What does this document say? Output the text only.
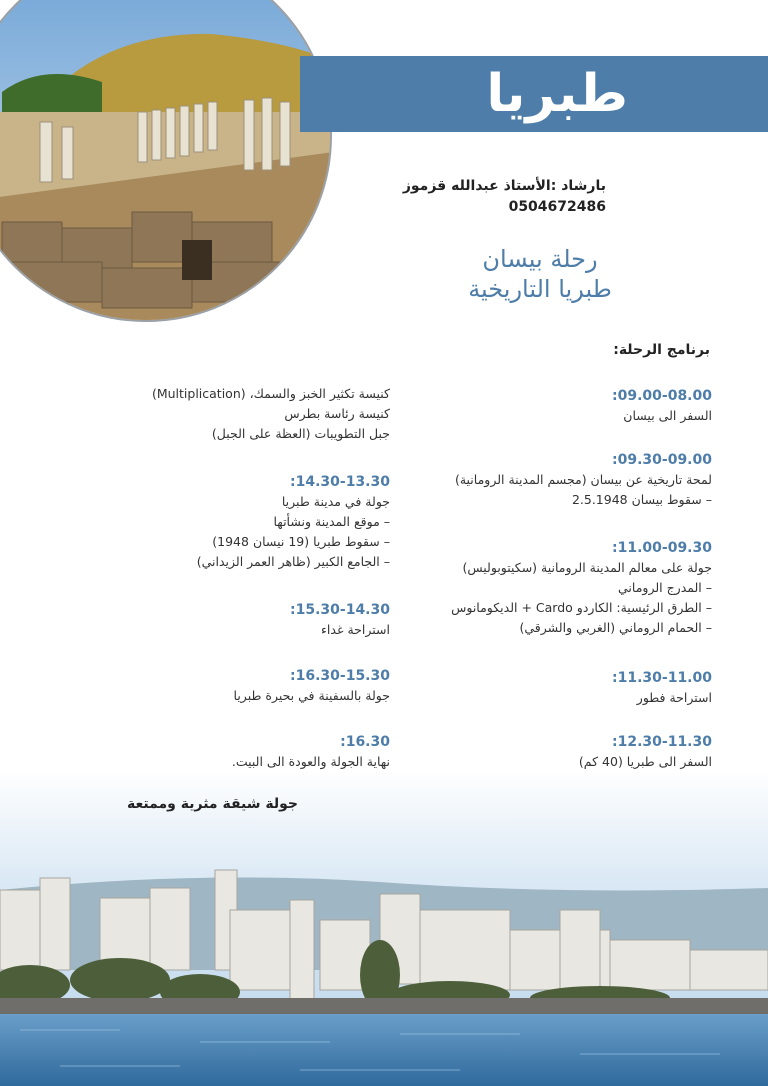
طبريا
بارشاد :الأستاذ عبدالله قزموز
0504672486
رحلة بيسان
طبريا التاريخية
برنامج الرحلة:
09.00-08.00:
السفر الى بيسان
09.30-09.00:
لمحة تاريخية عن بيسان (مجسم المدينة الرومانية)
– سقوط بيسان 2.5.1948
11.00-09.30:
جولة على معالم المدينة الرومانية (سكيتوبوليس)
– المدرج الروماني
– الطرق الرئيسية: الكاردو Cardo + الديكومانوس
– الحمام الروماني (الغربي والشرقي)
11.30-11.00:
استراحة فطور
12.30-11.30:
السفر الى طبريا (40 كم)
كنيسة تكثير الخبز والسمك، (Multiplication)
كنيسة رئاسة بطرس
جبل التطويبات (العظة على الجبل)
14.30-13.30:
جولة في مدينة طبريا
– موقع المدينة ونشأتها
– سقوط طبريا (19 نيسان 1948)
– الجامع الكبير (ظاهر العمر الزيداني)
15.30-14.30:
استراحة غداء
16.30-15.30:
جولة بالسفينة في بحيرة طبريا
16.30:
نهاية الجولة والعودة الى البيت.
جولة شيقة مثرية وممتعة
